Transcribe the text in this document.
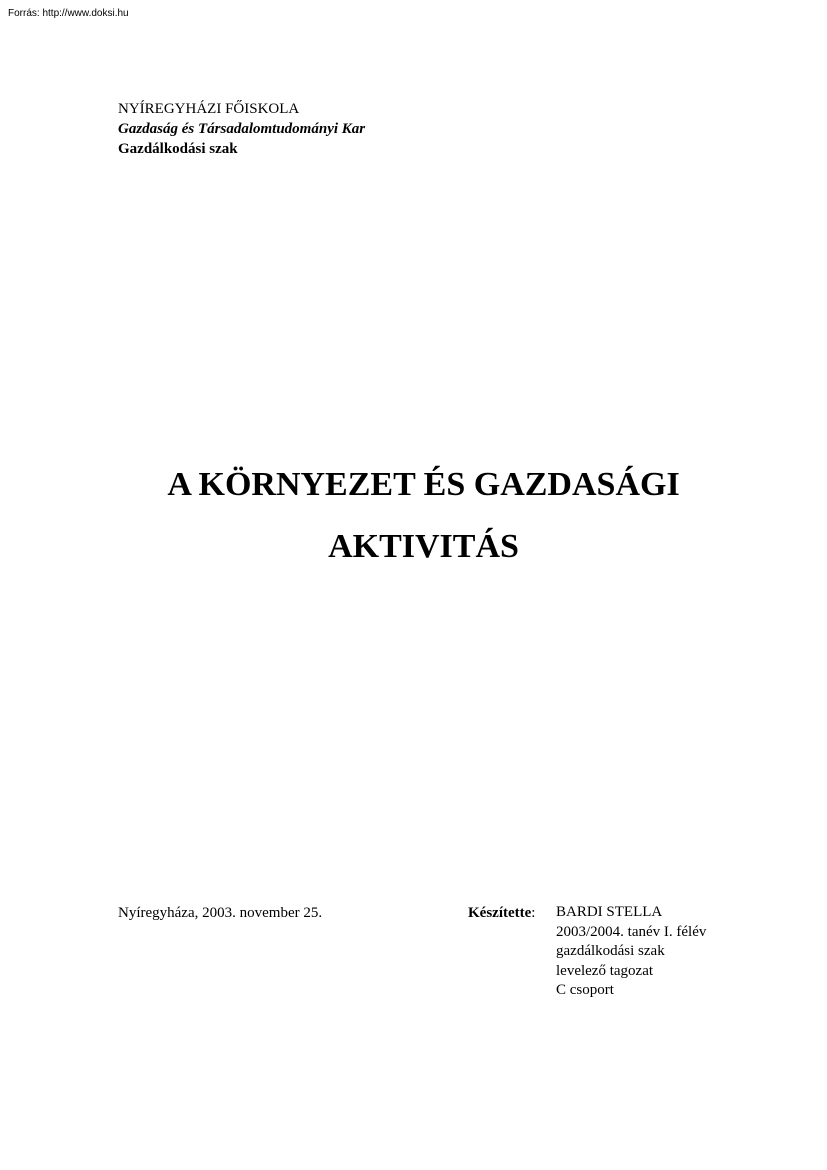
Forrás: http://www.doksi.hu
NYÍREGYHÁZI FŐISKOLA
Gazdaság és Társadalomtudományi Kar
Gazdálkodási szak
A KÖRNYEZET ÉS GAZDASÁGI
AKTIVITÁS
Nyíregyháza, 2003. november 25.	Készítette: BARDI STELLA
2003/2004. tanév I. félév
gazdálkodási szak
levelező tagozat
C csoport
